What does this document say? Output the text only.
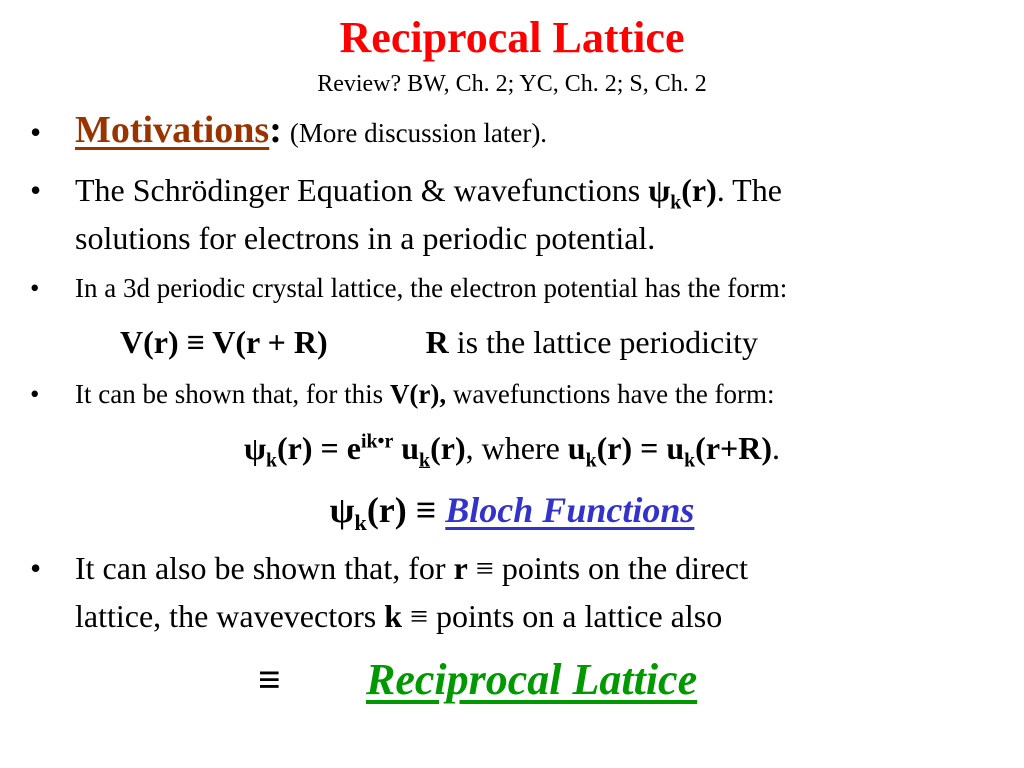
Reciprocal Lattice
Review? BW, Ch. 2; YC, Ch. 2; S, Ch. 2
• Motivations: (More discussion later).
• The Schrödinger Equation & wavefunctions $\psi_k(r)$. The
solutions for electrons in a periodic potential.
• In a 3d periodic crystal lattice, the electron potential has the form:
V(r) ≡ V(r + R)	R is the lattice periodicity
• It can be shown that, for this V(r), wavefunctions have the form:
$\psi_k(r) = e^{ik•r}$ $u_k(r)$, where $u_k(r) = u_k(r+R)$.
$\psi_k(r)$ ≡ Bloch Functions
• It can also be shown that, for r ≡ points on the direct
lattice, the wavevectors k ≡ points on a lattice also
≡ Reciprocal Lattice
